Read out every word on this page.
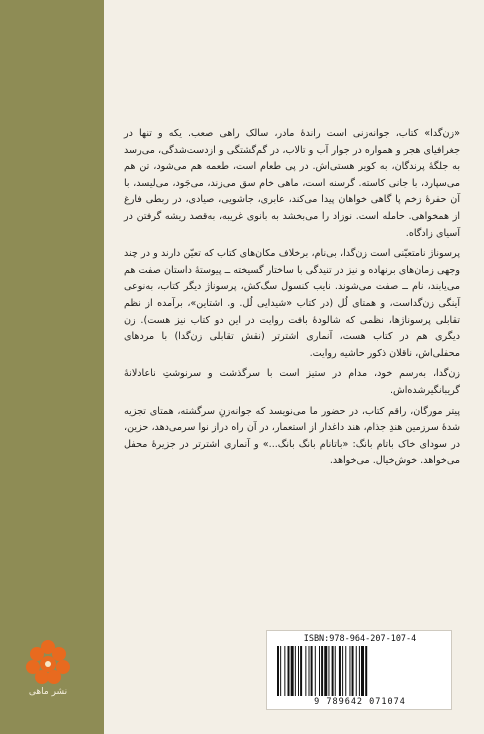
نشر ماهی

«زن‌گدا» کتاب، جوانه‌زنی است راندهٔ مادر، سالک راهی صعب. یکه و تنها در جغرافیای هجر و همواره در جوار آب و تالاب، در گم‌گشتگی و ازدست‌شدگی، می‌رسد به جلگهٔ پرندگان، به کویر هستی‌اش. در پی طعام است، طعمه هم می‌شود، تن هم می‌سپارد، با جانی کاسته. گرسنه است، ماهی خام سق می‌زند، می‌جَود، می‌لیسد، با آن حفرهٔ زخم پا گاهی خواهان پیدا می‌کند، عابری، جاشویی، صیادی، در ربطی فارغ از همخواهی. حامله است. نوزاد را می‌بخشد به بانوی غریبه، به‌قصد ریشه گرفتن در آسیای زادگاه.

پرسوناژ نامتعیّنی است زن‌گدا، بی‌نام، برخلاف مکان‌های کتاب که تعیّن دارند و در چند وجهی زمان‌های برنهاده و نیز در تنیدگی با ساختار گسیخته ــ پیوستهٔ داستان صفت هم می‌یابند، نام ــ صفت می‌شوند. نایب کنسول سگ‌کش، پرسوناژ دیگر کتاب، به‌نوعی آینگی زن‌گداست، و همتای لُل (در کتاب «شیدایی لُل. و. اشتاین»، برآمده از نظم تقابلی پرسوناژها، نظمی که شالودهٔ بافت روایت در این دو کتاب نیز هست). زن دیگری هم در کتاب هست، آنماری اشترتر (نقش تقابلی زن‌گدا) با مردهای محفلی‌اش، ناقلان ذکور حاشیه روایت.

زن‌گدا، به‌رسم خود، مدام در ستیز است با سرگذشت و سرنوشتِ ناعادلانهٔ گریبانگیرشده‌اش.

پیتر مورگان، راقم کتاب، در حضور ما می‌نویسد که جوانه‌زنِ سرگشته، همتای تجزیه شدهٔ سرزمین هندِ جذام، هند داغدار از استعمار، در آن راه دراز نوا سرمی‌دهد، حزین، در سودای خاک باتام بانگ: «باتانام بانگ بانگ...» و آنماری اشترتر در جزیرهٔ محفل می‌خواهد. خوش‌خیال. می‌خواهد.

ISBN:978-964-207-107-4
9 789642 071074
